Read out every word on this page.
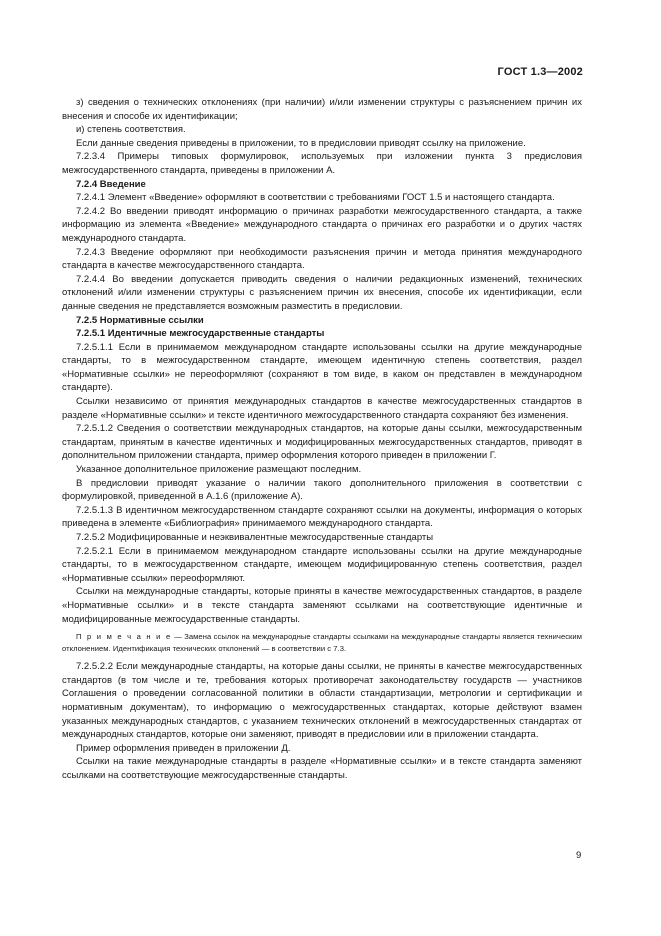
ГОСТ 1.3—2002

з) сведения о технических отклонениях (при наличии) и/или изменении структуры с разъяснением причин их внесения и способе их идентификации;

и) степень соответствия.

Если данные сведения приведены в приложении, то в предисловии приводят ссылку на приложение.

7.2.3.4 Примеры типовых формулировок, используемых при изложении пункта 3 предисловия межгосударственного стандарта, приведены в приложении А.

7.2.4 Введение

7.2.4.1 Элемент «Введение» оформляют в соответствии с требованиями ГОСТ 1.5 и настоящего стандарта.

7.2.4.2 Во введении приводят информацию о причинах разработки межгосударственного стандарта, а также информацию из элемента «Введение» международного стандарта о причинах его разработки и о других частях международного стандарта.

7.2.4.3 Введение оформляют при необходимости разъяснения причин и метода принятия международного стандарта в качестве межгосударственного стандарта.

7.2.4.4 Во введении допускается приводить сведения о наличии редакционных изменений, технических отклонений и/или изменении структуры с разъяснением причин их внесения, способе их идентификации, если данные сведения не представляется возможным разместить в предисловии.

7.2.5 Нормативные ссылки

7.2.5.1 Идентичные межгосударственные стандарты

7.2.5.1.1 Если в принимаемом международном стандарте использованы ссылки на другие международные стандарты, то в межгосударственном стандарте, имеющем идентичную степень соответствия, раздел «Нормативные ссылки» не переоформляют (сохраняют в том виде, в каком он представлен в международном стандарте).

Ссылки независимо от принятия международных стандартов в качестве межгосударственных стандартов в разделе «Нормативные ссылки» и тексте идентичного межгосударственного стандарта сохраняют без изменения.

7.2.5.1.2 Сведения о соответствии международных стандартов, на которые даны ссылки, межгосударственным стандартам, принятым в качестве идентичных и модифицированных межгосударственных стандартов, приводят в дополнительном приложении стандарта, пример оформления которого приведен в приложении Г.

Указанное дополнительное приложение размещают последним.

В предисловии приводят указание о наличии такого дополнительного приложения в соответствии с формулировкой, приведенной в А.1.6 (приложение А).

7.2.5.1.3 В идентичном межгосударственном стандарте сохраняют ссылки на документы, информация о которых приведена в элементе «Библиография» принимаемого международного стандарта.

7.2.5.2 Модифицированные и неэквивалентные межгосударственные стандарты

7.2.5.2.1 Если в принимаемом международном стандарте использованы ссылки на другие международные стандарты, то в межгосударственном стандарте, имеющем модифицированную степень соответствия, раздел «Нормативные ссылки» переоформляют.

Ссылки на международные стандарты, которые приняты в качестве межгосударственных стандартов, в разделе «Нормативные ссылки» и в тексте стандарта заменяют ссылками на соответствующие идентичные и модифицированные межгосударственные стандарты.

П р и м е ч а н и е — Замена ссылок на международные стандарты ссылками на международные стандарты является техническим отклонением. Идентификация технических отклонений — в соответствии с 7.3.

7.2.5.2.2 Если международные стандарты, на которые даны ссылки, не приняты в качестве межгосударственных стандартов (в том числе и те, требования которых противоречат законодательству государств — участников Соглашения о проведении согласованной политики в области стандартизации, метрологии и сертификации и нормативным документам), то информацию о межгосударственных стандартах, которые действуют взамен указанных международных стандартов, с указанием технических отклонений в межгосударственных стандартах от международных стандартов, которые они заменяют, приводят в предисловии или в приложении стандарта.

Пример оформления приведен в приложении Д.

Ссылки на такие международные стандарты в разделе «Нормативные ссылки» и в тексте стандарта заменяют ссылками на соответствующие межгосударственные стандарты.

9
